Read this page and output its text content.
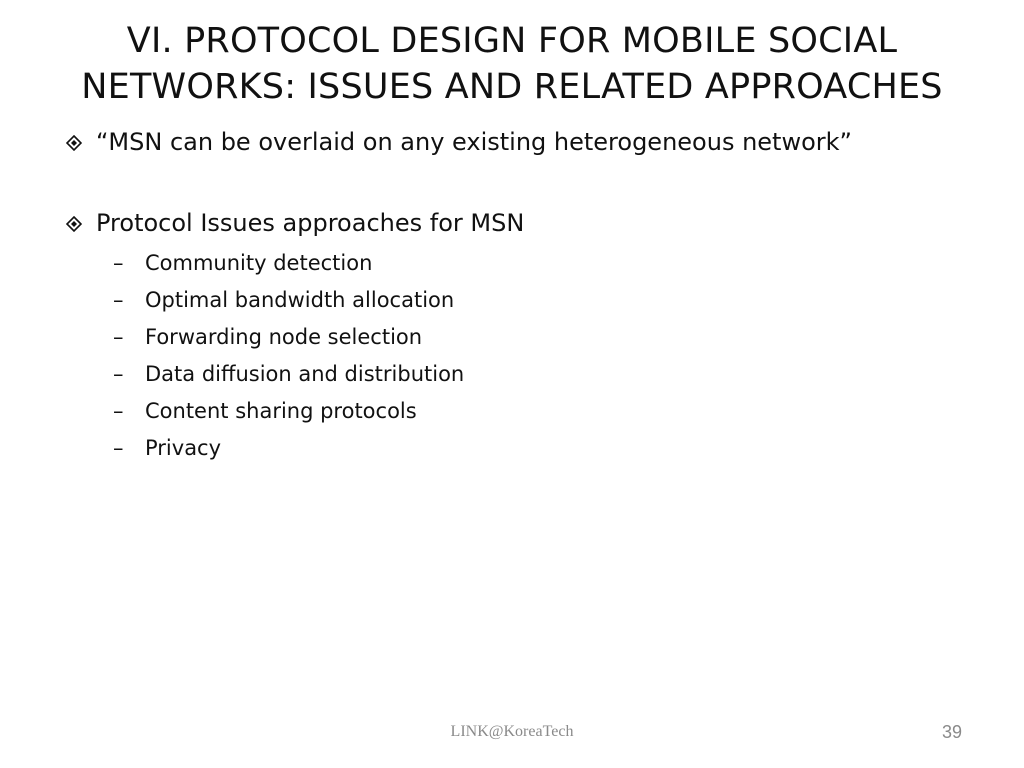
VI. PROTOCOL DESIGN FOR MOBILE SOCIAL
NETWORKS: ISSUES AND RELATED APPROACHES
“MSN can be overlaid on any existing heterogeneous network”
Protocol Issues approaches for MSN
– Community detection
– Optimal bandwidth allocation
– Forwarding node selection
– Data diffusion and distribution
– Content sharing protocols
– Privacy
LINK@KoreaTech	39
